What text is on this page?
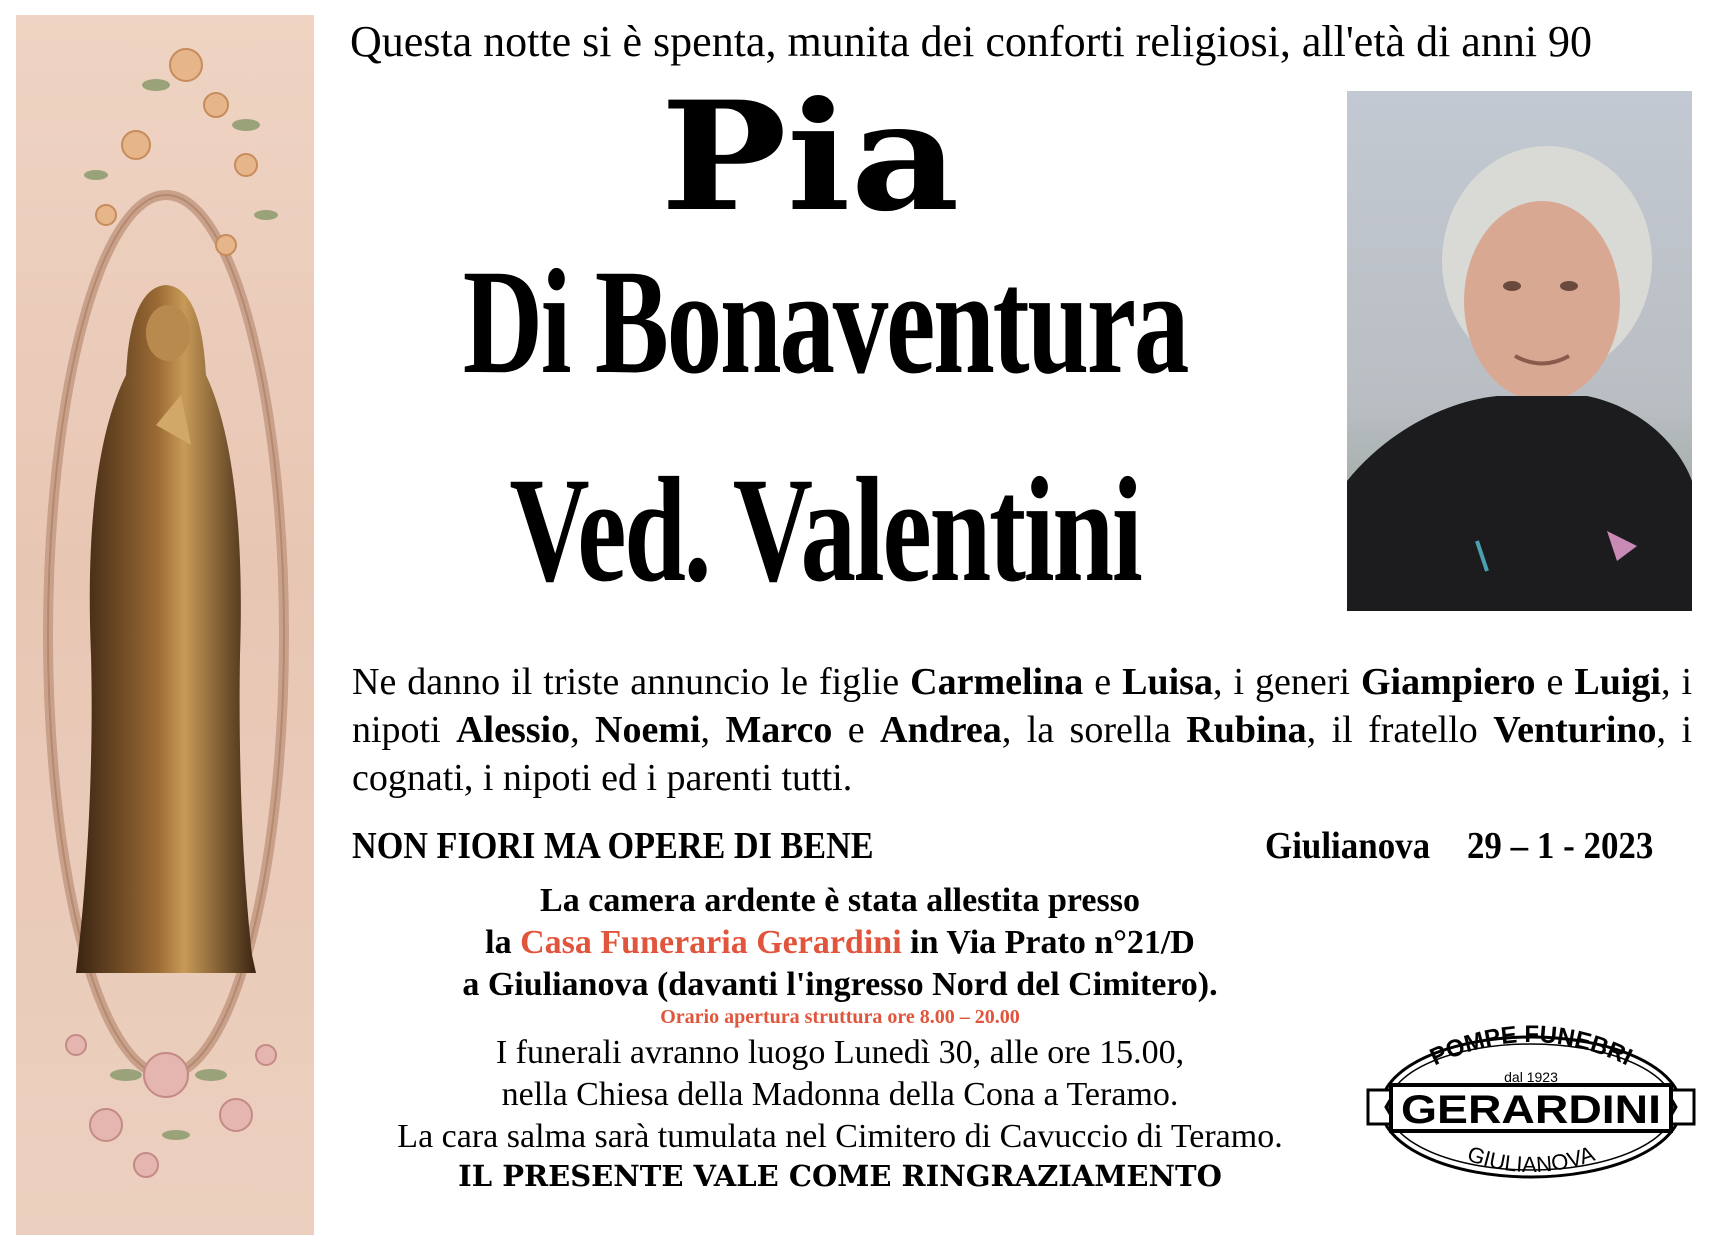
Questa notte si è spenta, munita dei conforti religiosi, all'età di anni 90
Pia
Di Bonaventura
Ved. Valentini
Ne danno il triste annuncio le figlie Carmelina e Luisa, i generi Giampiero e Luigi, i nipoti Alessio, Noemi, Marco e Andrea, la sorella Rubina, il fratello Venturino, i cognati, i nipoti ed i parenti tutti.
NON FIORI MA OPERE DI BENE	Giulianova 29 – 1 - 2023
La camera ardente è stata allestita presso
la Casa Funeraria Gerardini in Via Prato n°21/D
a Giulianova (davanti l'ingresso Nord del Cimitero).
Orario apertura struttura ore 8.00 – 20.00
I funerali avranno luogo Lunedì 30, alle ore 15.00,
nella Chiesa della Madonna della Cona a Teramo.
La cara salma sarà tumulata nel Cimitero di Cavuccio di Teramo.
IL PRESENTE VALE COME RINGRAZIAMENTO
POMPE FUNEBRI
dal 1923
GERARDINI
GIULIANOVA
